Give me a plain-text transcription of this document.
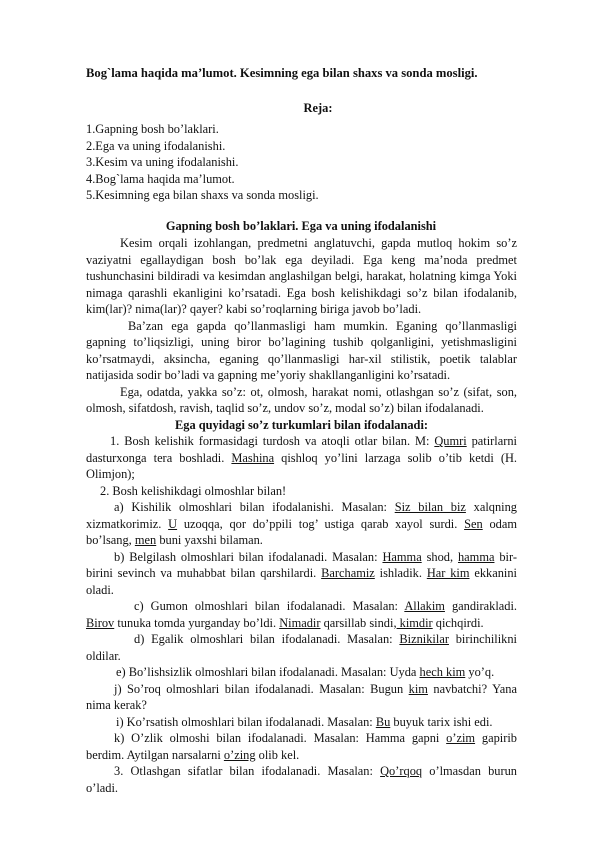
Bog`lama haqida ma’lumot. Kesimning ega bilan shaxs va sonda mosligi.
Reja:
1.Gapning bosh bo’laklari.
2.Ega va uning ifodalanishi.
3.Kesim va uning ifodalanishi.
4.Bog`lama haqida ma’lumot.
5.Kesimning ega bilan shaxs va sonda mosligi.
Gapning bosh bo’laklari. Ega va uning ifodalanishi

Kesim orqali izohlangan, predmetni anglatuvchi, gapda mutloq hokim so’z vaziyatni egallaydigan bosh bo’lak ega deyiladi. Ega keng ma’noda predmet tushunchasini bildiradi va kesimdan anglashilgan belgi, harakat, holatning kimga Yoki nimaga qarashli ekanligini ko’rsatadi. Ega bosh kelishikdagi so’z bilan ifodalanib, kim(lar)? nima(lar)? qayer? kabi so’roqlarning biriga javob bo’ladi.

Ba’zan ega gapda qo’llanmasligi ham mumkin. Eganing qo’llanmasligi gapning to’liqsizligi, uning biror bo’lagining tushib qolganligini, yetishmasligini ko’rsatmaydi, aksincha, eganing qo’llanmasligi har-xil stilistik, poetik talablar natijasida sodir bo’ladi va gapning me’yoriy shakllanganligini ko’rsatadi.

Ega, odatda, yakka so’z: ot, olmosh, harakat nomi, otlashgan so’z (sifat, son, olmosh, sifatdosh, ravish, taqlid so’z, undov so’z, modal so’z) bilan ifodalanadi.

Ega quyidagi so’z turkumlari bilan ifodalanadi:

1. Bosh kelishik formasidagi turdosh va atoqli otlar bilan. M: Qumri patirlarni dasturxonga tera boshladi. Mashina qishloq yo’lini larzaga solib o’tib ketdi (H. Olimjon);

2. Bosh kelishikdagi olmoshlar bilan!

a) Kishilik olmoshlari bilan ifodalanishi. Masalan: Siz bilan biz xalqning xizmatkorimiz. U uzoqqa, qor do’ppili tog’ ustiga qarab xayol surdi. Sen odam bo’lsang, men buni yaxshi bilaman.

b) Belgilash olmoshlari bilan ifodalanadi. Masalan: Hamma shod, hamma bir-birini sevinch va muhabbat bilan qarshilardi. Barchamiz ishladik. Har kim ekkanini oladi.

c) Gumon olmoshlari bilan ifodalanadi. Masalan: Allakim gandirakladi. Birov tunuka tomda yurganday bo’ldi. Nimadir qarsillab sindi, kimdir qichqirdi.

d) Egalik olmoshlari bilan ifodalanadi. Masalan: Biznikilar birinchilikni oldilar.

e) Bo’lishsizlik olmoshlari bilan ifodalanadi. Masalan: Uyda hech kim yo’q.

j) So’roq olmoshlari bilan ifodalanadi. Masalan: Bugun kim navbatchi? Yana nima kerak?

i) Ko’rsatish olmoshlari bilan ifodalanadi. Masalan: Bu buyuk tarix ishi edi.

k) O’zlik olmoshi bilan ifodalanadi. Masalan: Hamma gapni o’zim gapirib berdim. Aytilgan narsalarni o’zing olib kel.

3. Otlashgan sifatlar bilan ifodalanadi. Masalan: Qo’rqoq o’lmasdan burun o’ladi.
